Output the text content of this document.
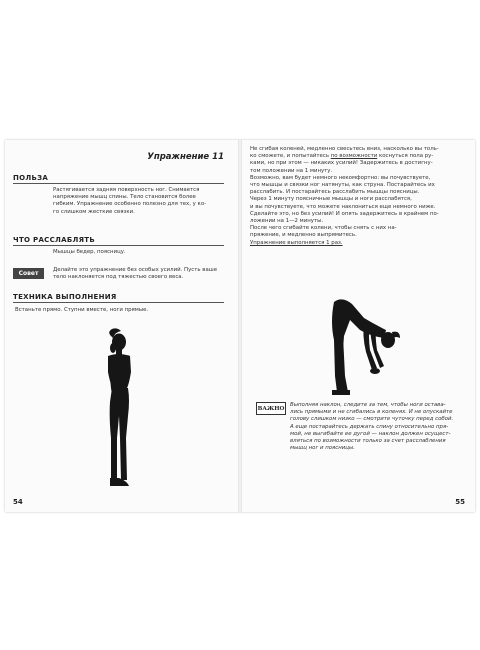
Упражнение 11
ПОЛЬЗА
Растягивается задняя поверхность ног. Снимается
напряжение мышц спины. Тело становится более
гибким. Упражнение особенно полезно для тех, у ко-
го слишком жесткие связки.
ЧТО РАССЛАБЛЯТЬ
Мышцы бедер, поясницу.
Совет	Делайте это упражнение без особых усилий. Пусть ваше
тело наклоняется под тяжестью своего веса.
ТЕХНИКА ВЫПОЛНЕНИЯ
Встаньте прямо. Ступни вместе, ноги прямые.
54
Не сгибая коленей, медленно свесьтесь вниз, насколько вы толь-
ко сможете, и попытайтесь по возможности коснуться пола ру-
ками, но при этом — никаких усилий! Задержитесь в достигну-
том положении на 1 минуту.
Возможно, вам будет немного некомфортно: вы почувствуете,
что мышцы и связки ног натянуты, как струна. Постарайтесь их
расслабить. И постарайтесь расслабить мышцы поясницы.
Через 1 минуту поясничные мышцы и ноги расслабятся,
и вы почувствуете, что можете наклониться еще немного ниже.
Сделайте это, но без усилий! И опять задержитесь в крайнем по-
ложении на 1—2 минуты.
После чего сгибайте колени, чтобы снять с них на-
пряжение, и медленно выпрямитесь.
Упражнение выполняется 1 раз.
ВАЖНО
Выполняя наклон, следите за тем, чтобы ноги остава-
лись прямыми и не сгибались в коленях. И не опускайте
голову слишком низко — смотрите чуточку перед собой.
А еще постарайтесь держать спину относительно пря-
мой, не выгибайте ее дугой — наклон должен осущест-
вляться по возможности только за счет расслабления
мышц ног и поясницы.
55
